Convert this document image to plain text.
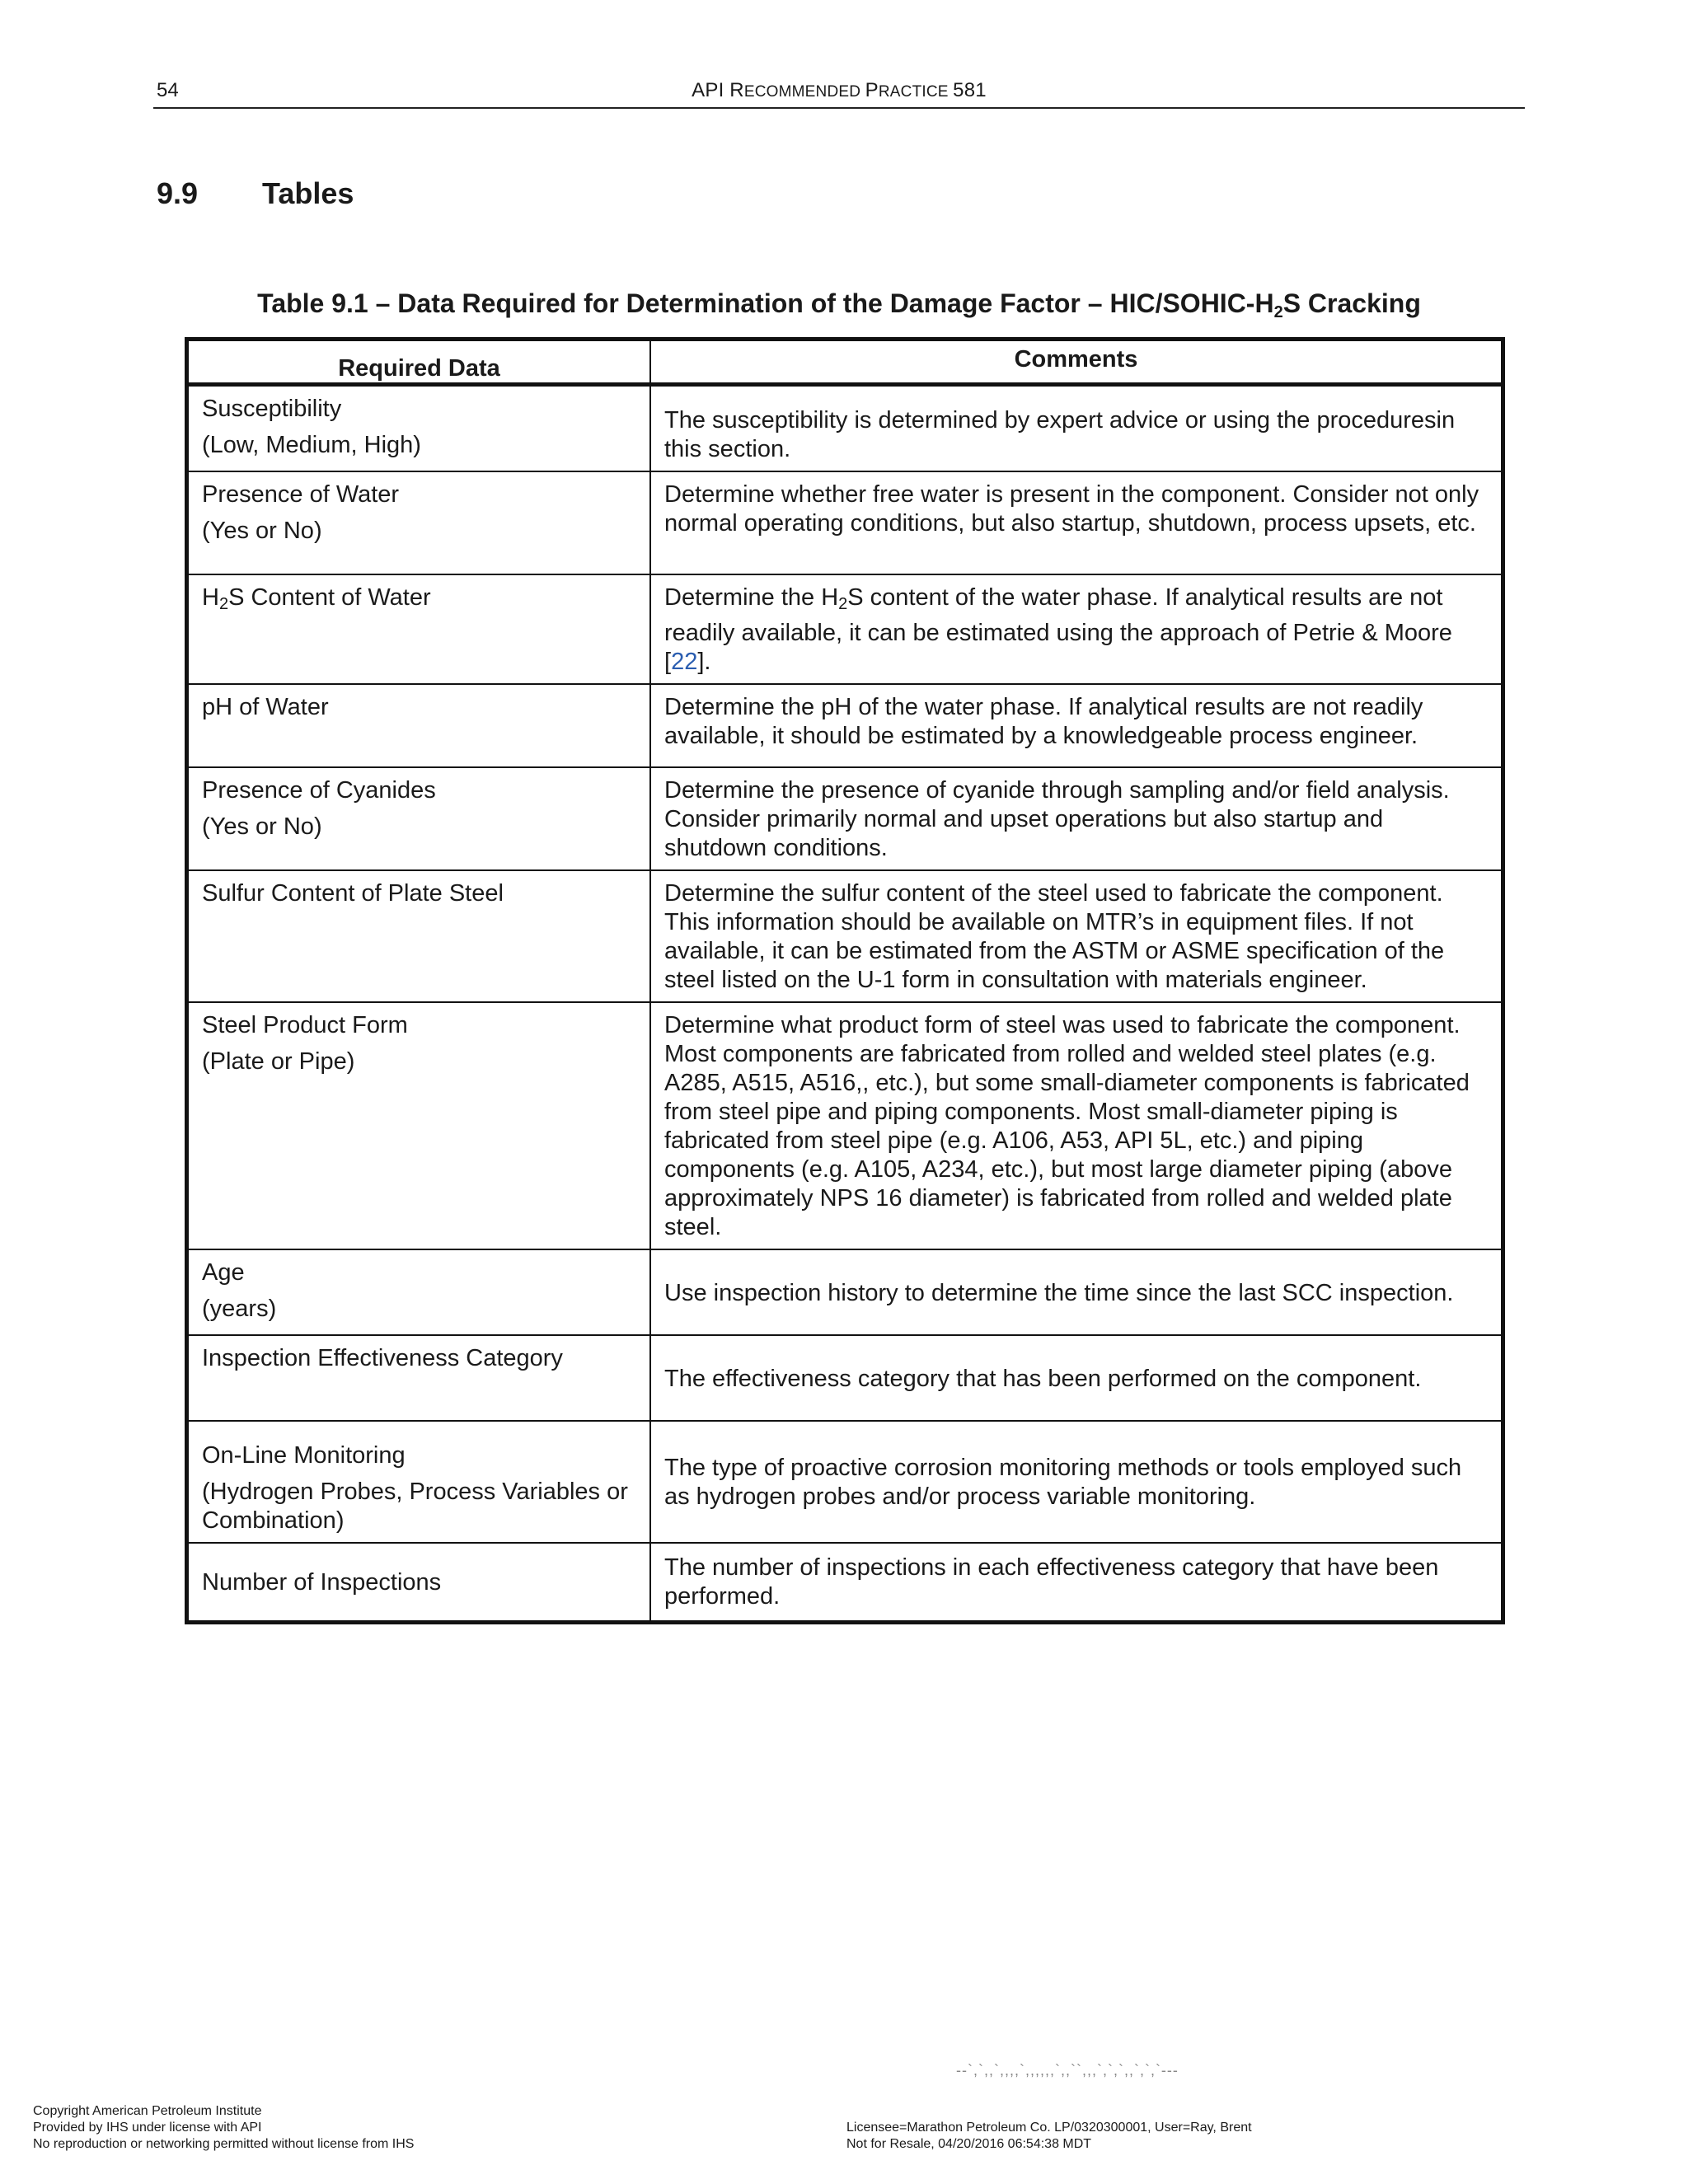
54	API RECOMMENDED PRACTICE 581
9.9 Tables
Table 9.1 – Data Required for Determination of the Damage Factor – HIC/$SOHIC-H_2S$ Cracking
Required Data	Comments

Susceptibility
(Low, Medium, High)	The susceptibility is determined by expert advice or using the proceduresin this section.

Presence of Water
(Yes or No)	Determine whether free water is present in the component. Consider not only normal operating conditions, but also startup, shutdown, process upsets, etc.

$H_2S$ Content of Water	Determine the $H_2S$ content of the water phase. If analytical results are not readily available, it can be estimated using the approach of Petrie & Moore [22].

pH of Water	Determine the pH of the water phase. If analytical results are not readily available, it should be estimated by a knowledgeable process engineer.

Presence of Cyanides
(Yes or No)	Determine the presence of cyanide through sampling and/or field analysis. Consider primarily normal and upset operations but also startup and shutdown conditions.

Sulfur Content of Plate Steel	Determine the sulfur content of the steel used to fabricate the component. This information should be available on MTR’s in equipment files. If not available, it can be estimated from the ASTM or ASME specification of the steel listed on the U-1 form in consultation with materials engineer.

Steel Product Form
(Plate or Pipe)	Determine what product form of steel was used to fabricate the component. Most components are fabricated from rolled and welded steel plates (e.g. A285, A515, A516,, etc.), but some small-diameter components is fabricated from steel pipe and piping components. Most small-diameter piping is fabricated from steel pipe (e.g. A106, A53, API 5L, etc.) and piping components (e.g. A105, A234, etc.), but most large diameter piping (above approximately NPS 16 diameter) is fabricated from rolled and welded plate steel.

Age
(years)	Use inspection history to determine the time since the last SCC inspection.

Inspection Effectiveness Category	The effectiveness category that has been performed on the component.

On-Line Monitoring
(Hydrogen Probes, Process Variables or Combination)	The type of proactive corrosion monitoring methods or tools employed such as hydrogen probes and/or process variable monitoring.

Number of Inspections	The number of inspections in each effectiveness category that have been performed.
--`,`,,`,,,,`,,,,,,`,,``,,,`,`,`,,`,`,`---
Copyright American Petroleum Institute
Provided by IHS under license with API
No reproduction or networking permitted without license from IHS
Licensee=Marathon Petroleum Co. LP/0320300001, User=Ray, Brent
Not for Resale, 04/20/2016 06:54:38 MDT
